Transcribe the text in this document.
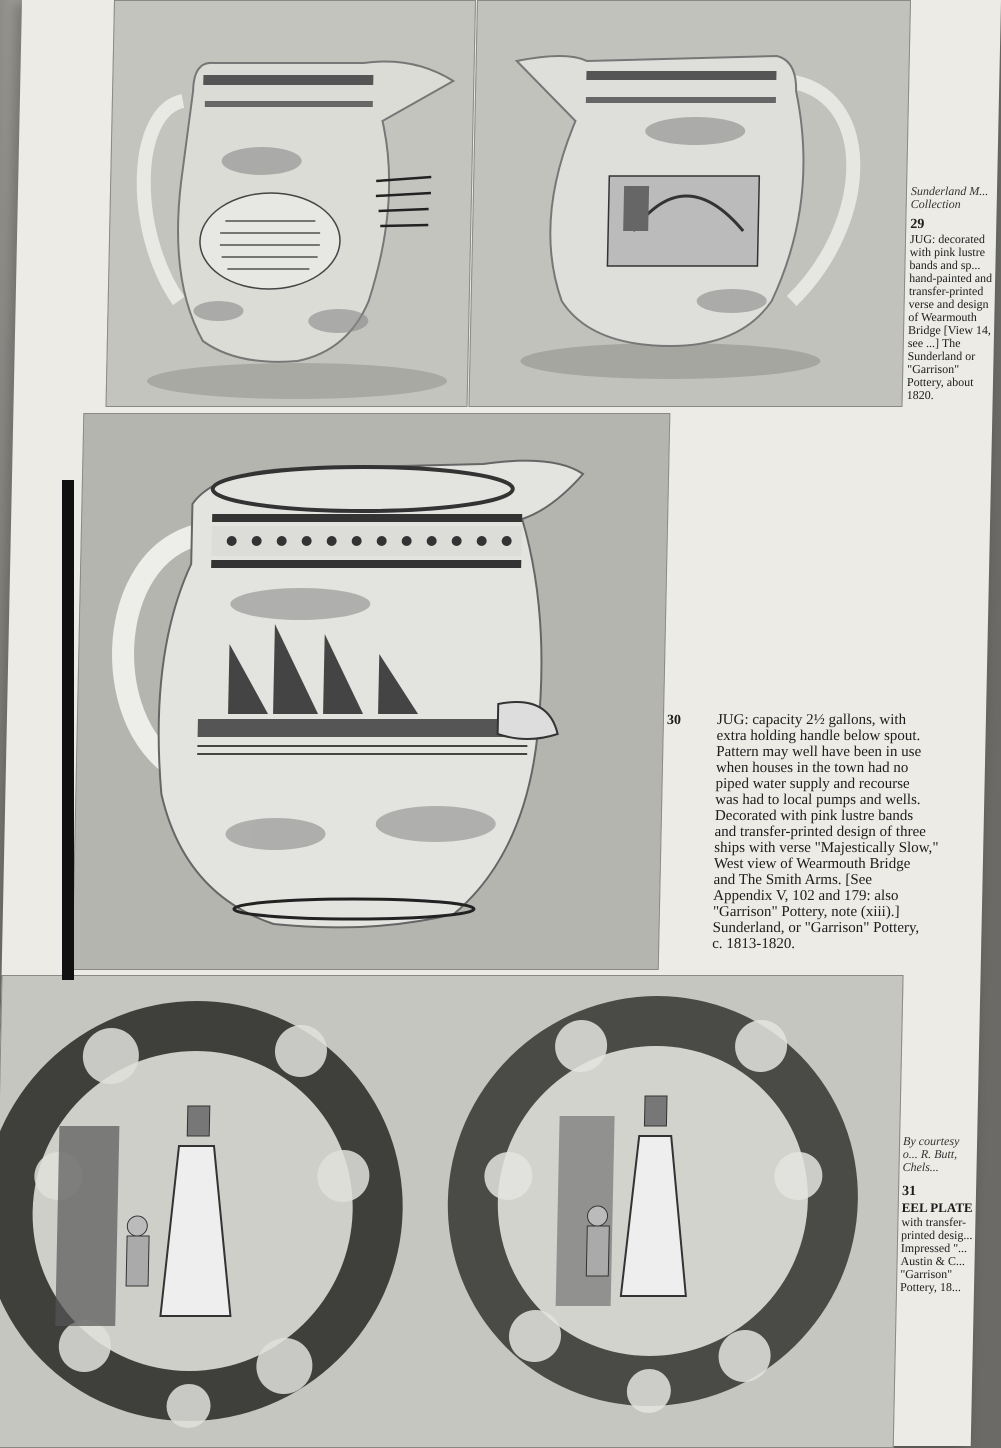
Sunderland M... Collection
29
JUG: decorated with pink lustre bands and sp... hand-painted and transfer-printed verse and design of Wearmouth Bridge [View 14, see ...] The Sunderland or "Garrison" Pottery, about 1820.
30 JUG: capacity 2½ gallons, with
extra holding handle below spout.
Pattern may well have been in use
when houses in the town had no
piped water supply and recourse
was had to local pumps and wells.
Decorated with pink lustre bands
and transfer-printed design of three
ships with verse "Majestically Slow,"
West view of Wearmouth Bridge
and The Smith Arms. [See
Appendix V, 102 and 179: also
"Garrison" Pottery, note (xiii).]
Sunderland, or "Garrison" Pottery,
c. 1813-1820.
By courtesy o... R. Butt, Chels...
31
EEL PLATE
with transfer-
printed desig...
Impressed "...
Austin & C...
"Garrison"
Pottery, 18...
